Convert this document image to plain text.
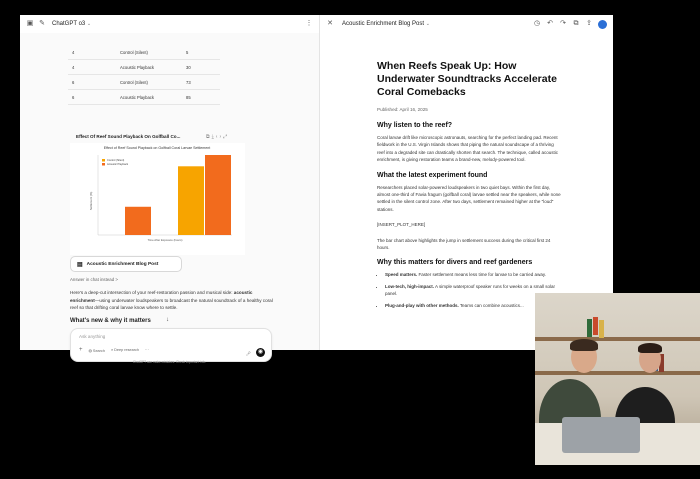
▣ ✎ ChatGPT o3 ⌄	⋮ ✕ Acoustic Enrichment Blog Post ⌄	◷ ↶ ↷ ⧉ ⇪
4	Control (Silent)	5
4	Acoustic Playback	30
6	Control (Silent)	73
6	Acoustic Playback	85
Effect Of Reef Sound Playback On Golfball Co...	⧉⤓‹›⤢
Effect of Reef Sound Playback on Golfball Coral Larvae Settlement
Settlement (%)
Time After Exposure (hours)
Control (Silent)
Acoustic Playback
▤ Acoustic Enrichment Blog Post
Answer in chat instead >
Here's a deep-cut intersection of your reef-restoration passion and musical side: acoustic enrichment—using underwater loudspeakers to broadcast the natural soundtrack of a healthy coral reef so that drifting coral larvae know where to settle.
What's new & why it matters	↓
Ask anything
+ ◍ Search ⌕ Deep research ···
🎤︎	◉
ChatGPT can make mistakes. Check important info.
When Reefs Speak Up: How Underwater Soundtracks Accelerate Coral Comebacks
Published: April 16, 2025
Why listen to the reef?

Coral larvae drift like microscopic astronauts, searching for the perfect landing pad. Recent fieldwork in the U.S. Virgin Islands shows that piping the natural soundscape of a thriving reef into a degraded site can drastically shorten that search. The technique, called acoustic enrichment, is giving restoration teams a brand-new, melody-powered tool.

What the latest experiment found

Researchers placed solar-powered loudspeakers in two quiet bays. Within the first day, almost one-third of Favia fragum (golfball coral) larvae settled near the speakers, while none settled in the silent control zone. After two days, settlement remained higher at the "loud" stations.

[INSERT_PLOT_HERE]

The bar chart above highlights the jump in settlement success during the critical first 24 hours.

Why this matters for divers and reef gardeners
• Speed matters. Faster settlement means less time for larvae to be carried away.
• Low-tech, high-impact. A simple waterproof speaker runs for weeks on a small solar panel.
• Plug-and-play with other methods. Teams can combine acoustics...
